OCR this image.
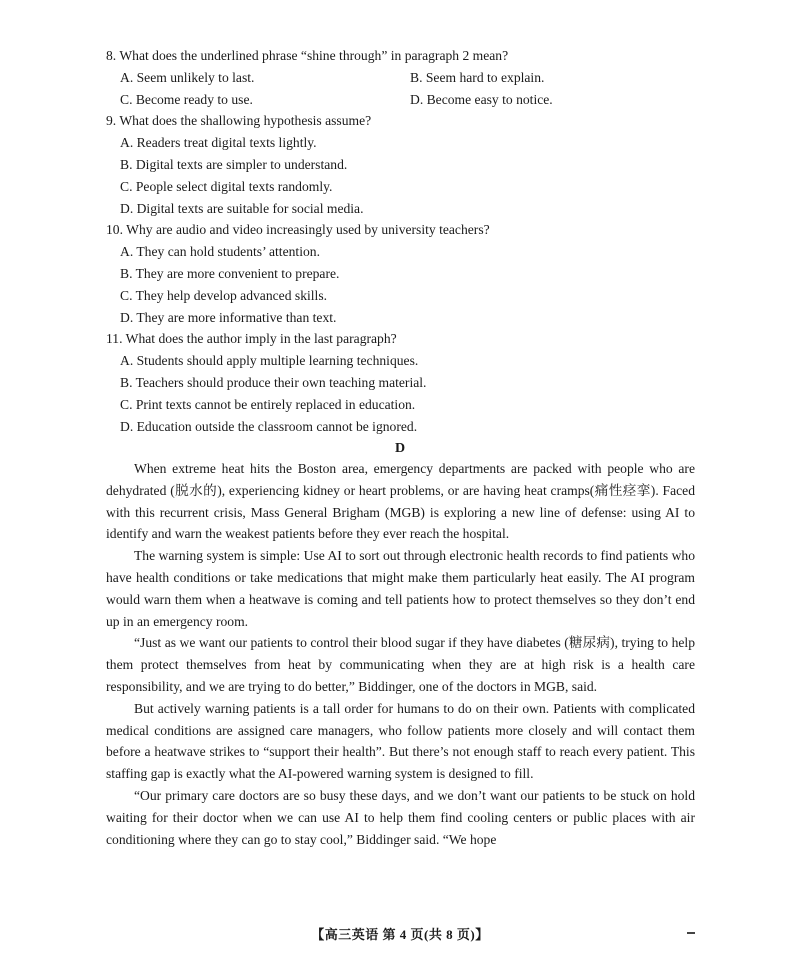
8. What does the underlined phrase “shine through” in paragraph 2 mean?
A. Seem unlikely to last.	B. Seem hard to explain.
C. Become ready to use.	D. Become easy to notice.
9. What does the shallowing hypothesis assume?
A. Readers treat digital texts lightly.
B. Digital texts are simpler to understand.
C. People select digital texts randomly.
D. Digital texts are suitable for social media.
10. Why are audio and video increasingly used by university teachers?
A. They can hold students’ attention.
B. They are more convenient to prepare.
C. They help develop advanced skills.
D. They are more informative than text.
11. What does the author imply in the last paragraph?
A. Students should apply multiple learning techniques.
B. Teachers should produce their own teaching material.
C. Print texts cannot be entirely replaced in education.
D. Education outside the classroom cannot be ignored.
D

When extreme heat hits the Boston area, emergency departments are packed with people who are dehydrated (脱水的), experiencing kidney or heart problems, or are having heat cramps(痛性痉挛). Faced with this recurrent crisis, Mass General Brigham (MGB) is exploring a new line of defense: using AI to identify and warn the weakest patients before they ever reach the hospital.

The warning system is simple: Use AI to sort out through electronic health records to find patients who have health conditions or take medications that might make them particularly heat easily. The AI program would warn them when a heatwave is coming and tell patients how to protect themselves so they don’t end up in an emergency room.

“Just as we want our patients to control their blood sugar if they have diabetes (糖尿病), trying to help them protect themselves from heat by communicating when they are at high risk is a health care responsibility, and we are trying to do better,” Biddinger, one of the doctors in MGB, said.

But actively warning patients is a tall order for humans to do on their own. Patients with complicated medical conditions are assigned care managers, who follow patients more closely and will contact them before a heatwave strikes to “support their health”. But there’s not enough staff to reach every patient. This staffing gap is exactly what the AI-powered warning system is designed to fill.

“Our primary care doctors are so busy these days, and we don’t want our patients to be stuck on hold waiting for their doctor when we can use AI to help them find cooling centers or public places with air conditioning where they can go to stay cool,” Biddinger said. “We hope

【高三英语 第 4 页(共 8 页)】
